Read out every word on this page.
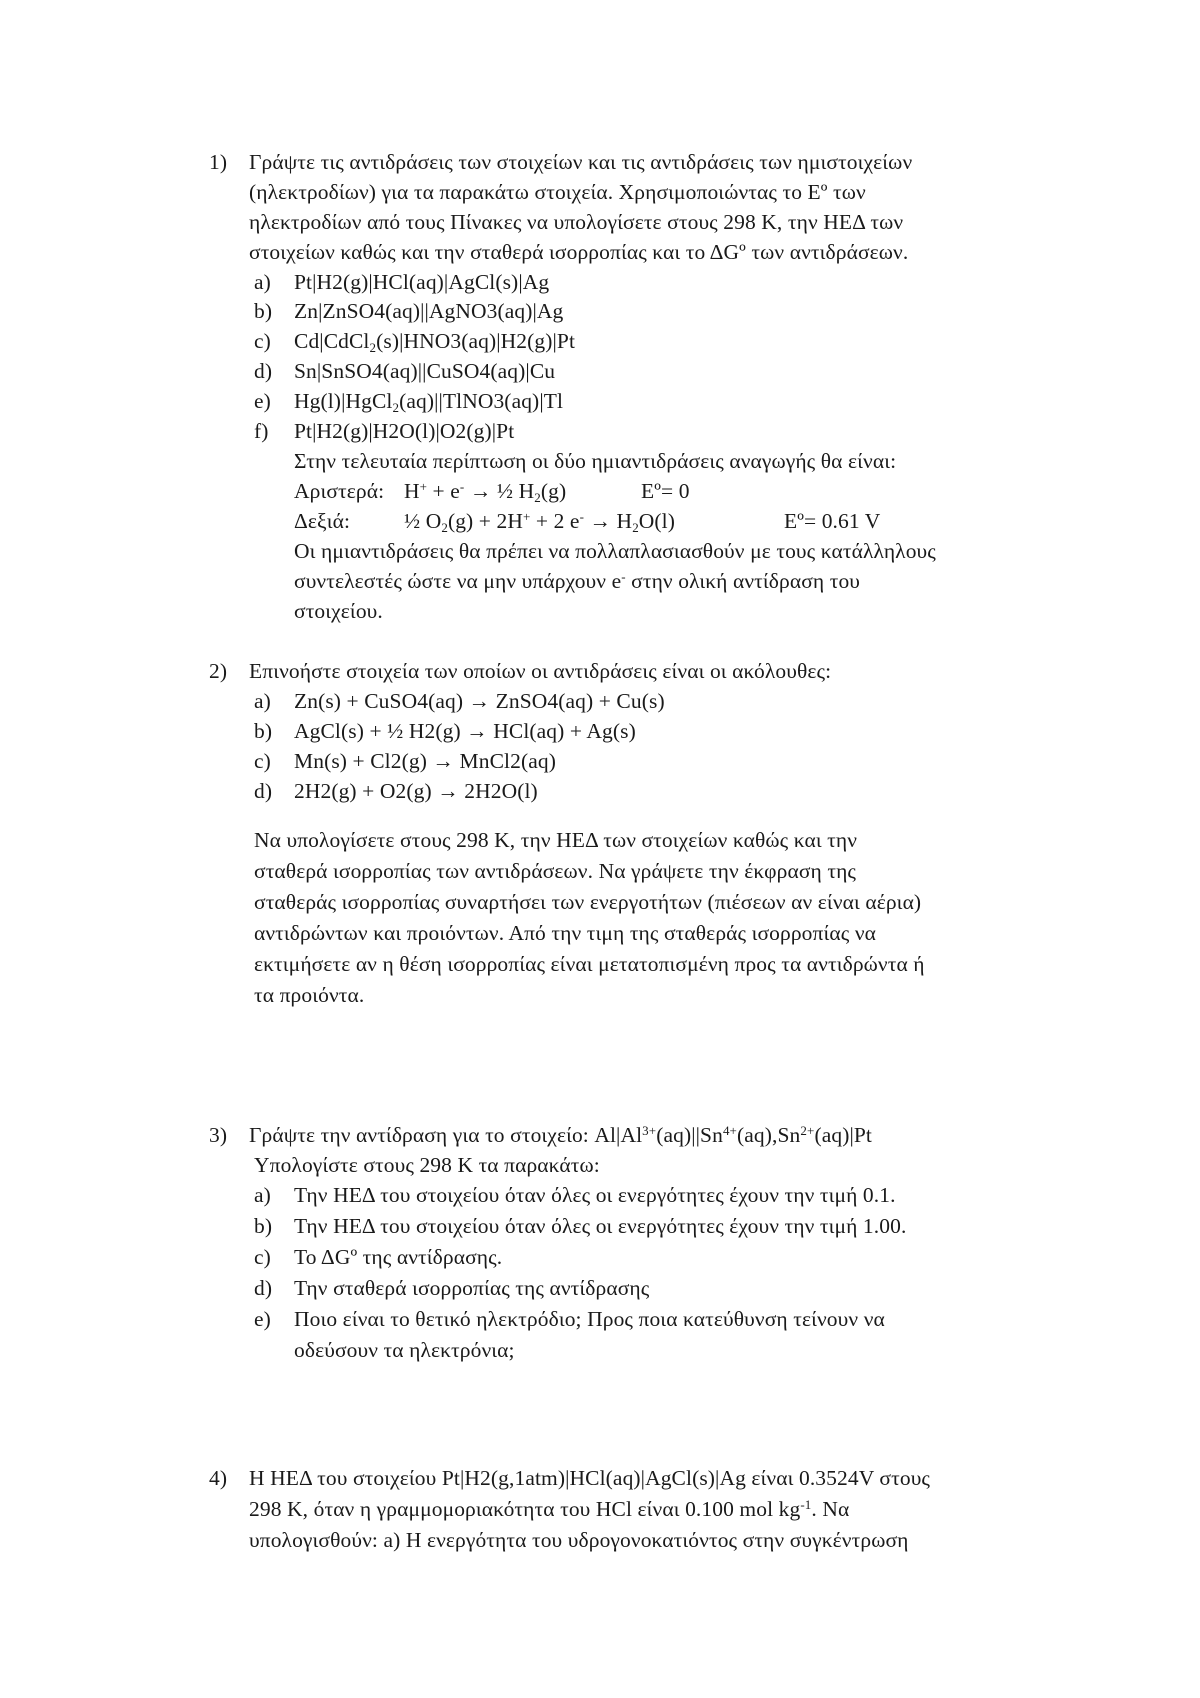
1) Γράψτε τις αντιδράσεις των στοιχείων και τις αντιδράσεις των ημιστοιχείων
(ηλεκτροδίων) για τα παρακάτω στοιχεία. Χρησιμοποιώντας το Eº των
ηλεκτροδίων από τους Πίνακες να υπολογίσετε στους 298 K, την ΗΕΔ των
στοιχείων καθώς και την σταθερά ισορροπίας και το ΔGº των αντιδράσεων.
a) Pt|H2(g)|HCl(aq)|AgCl(s)|Ag
b) Zn|ZnSO4(aq)||AgNO3(aq)|Ag
c) Cd|CdCl$_2$(s)|HNO3(aq)|H2(g)|Pt
d) Sn|SnSO4(aq)||CuSO4(aq)|Cu
e) Hg(l)|HgCl$_2$(aq)||TlNO3(aq)|Tl
f) Pt|H2(g)|H2O(l)|O2(g)|Pt
Στην τελευταία περίπτωση οι δύο ημιαντιδράσεις αναγωγής θα είναι:
Αριστερά: H+ + e- → ½ $H_2(g)$	Eº= 0
Δεξιά:	½ $O_2(g) + 2H^+ + 2$ $e^- \to H_2O(l)$	Eº= 0.61 V
Οι ημιαντιδράσεις θα πρέπει να πολλαπλασιασθούν με τους κατάλληλους
συντελεστές ώστε να μην υπάρχουν e- στην ολική αντίδραση του
στοιχείου.
2) Επινοήστε στοιχεία των οποίων οι αντιδράσεις είναι οι ακόλουθες:
a) Zn(s) + CuSO4(aq) → ZnSO4(aq) + Cu(s)
b) AgCl(s) + ½ H2(g) → HCl(aq) + Ag(s)
c) Mn(s) + Cl2(g) → MnCl2(aq)
d) 2H2(g) + O2(g) → 2H2O(l)
Να υπολογίσετε στους 298 K, την ΗΕΔ των στοιχείων καθώς και την
σταθερά ισορροπίας των αντιδράσεων. Να γράψετε την έκφραση της
σταθεράς ισορροπίας συναρτήσει των ενεργοτήτων (πιέσεων αν είναι αέρια)
αντιδρώντων και προιόντων. Από την τιμη της σταθεράς ισορροπίας να
εκτιμήσετε αν η θέση ισορροπίας είναι μετατοπισμένη προς τα αντιδρώντα ή
τα προιόντα.
3) Γράψτε την αντίδραση για το στοιχείο: $Al|Al^{3+}(aq)||Sn^{4+}(aq),Sn^{2+}(aq)|Pt$
Υπολογίστε στους 298 K τα παρακάτω:
a) Την ΗΕΔ του στοιχείου όταν όλες οι ενεργότητες έχουν την τιμή 0.1.
b) Την ΗΕΔ του στοιχείου όταν όλες οι ενεργότητες έχουν την τιμή 1.00.
c) Το ΔGº της αντίδρασης.
d) Την σταθερά ισορροπίας της αντίδρασης
e) Ποιο είναι το θετικό ηλεκτρόδιο; Προς ποια κατεύθυνση τείνουν να
οδεύσουν τα ηλεκτρόνια;
4) Η ΗΕΔ του στοιχείου Pt|H2(g,1atm)|HCl(aq)|AgCl(s)|Ag είναι 0.3524V στους
298 K, όταν η γραμμομοριακότητα του HCl είναι 0.100 mol $kg^{-1}$. Να
υπολογισθούν: a) Η ενεργότητα του υδρογονοκατιόντος στην συγκέντρωση
